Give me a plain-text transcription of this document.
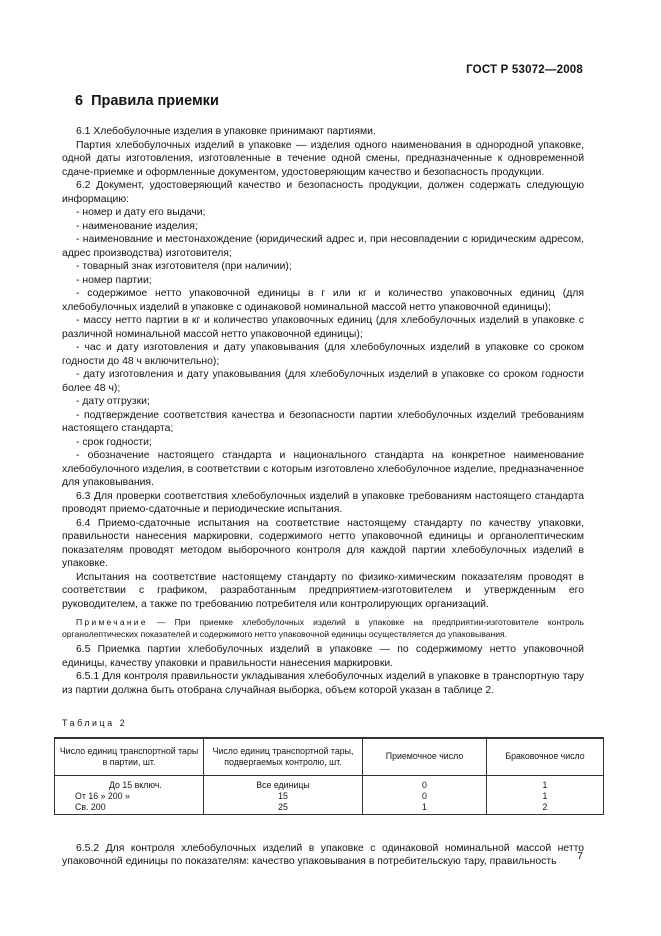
ГОСТ Р 53072—2008
6 Правила приемки

6.1 Хлебобулочные изделия в упаковке принимают партиями.

Партия хлебобулочных изделий в упаковке — изделия одного наименования в однородной упаковке, одной даты изготовления, изготовленные в течение одной смены, предназначенные к одновременной сдаче-приемке и оформленные документом, удостоверяющим качество и безопасность продукции.

6.2 Документ, удостоверяющий качество и безопасность продукции, должен содержать следующую информацию:

- номер и дату его выдачи;

- наименование изделия;

- наименование и местонахождение (юридический адрес и, при несовпадении с юридическим адресом, адрес производства) изготовителя;

- товарный знак изготовителя (при наличии);

- номер партии;

- содержимое нетто упаковочной единицы в г или кг и количество упаковочных единиц (для хлебобулочных изделий в упаковке с одинаковой номинальной массой нетто упаковочной единицы);

- массу нетто партии в кг и количество упаковочных единиц (для хлебобулочных изделий в упаковке с различной номинальной массой нетто упаковочной единицы);

- час и дату изготовления и дату упаковывания (для хлебобулочных изделий в упаковке со сроком годности до 48 ч включительно);

- дату изготовления и дату упаковывания (для хлебобулочных изделий в упаковке со сроком годности более 48 ч);

- дату отгрузки;

- подтверждение соответствия качества и безопасности партии хлебобулочных изделий требованиям настоящего стандарта;

- срок годности;

- обозначение настоящего стандарта и национального стандарта на конкретное наименование хлебобулочного изделия, в соответствии с которым изготовлено хлебобулочное изделие, предназначенное для упаковывания.

6.3 Для проверки соответствия хлебобулочных изделий в упаковке требованиям настоящего стандарта проводят приемо-сдаточные и периодические испытания.

6.4 Приемо-сдаточные испытания на соответствие настоящему стандарту по качеству упаковки, правильности нанесения маркировки, содержимого нетто упаковочной единицы и органолептическим показателям проводят методом выборочного контроля для каждой партии хлебобулочных изделий в упаковке.

Испытания на соответствие настоящему стандарту по физико-химическим показателям проводят в соответствии с графиком, разработанным предприятием-изготовителем и утвержденным его руководителем, а также по требованию потребителя или контролирующих организаций.

Примечание — При приемке хлебобулочных изделий в упаковке на предприятии-изготовителе контроль органолептических показателей и содержимого нетто упаковочной единицы осуществляется до упаковывания.

6.5 Приемка партии хлебобулочных изделий в упаковке — по содержимому нетто упаковочной единицы, качеству упаковки и правильности нанесения маркировки.

6.5.1 Для контроля правильности укладывания хлебобулочных изделий в упаковке в транспортную тару из партии должна быть отобрана случайная выборка, объем которой указан в таблице 2.

Таблица 2

Число единиц транспортной тары в партии, шт.	Число единиц транспортной тары, подвергаемых контролю, шт.	Приемочное число	Браковочное число
До 15 включ.	Все единицы	0	1
От 16 » 200 »	15	0	1
Св. 200	25	1	2

6.5.2 Для контроля хлебобулочных изделий в упаковке с одинаковой номинальной массой нетто упаковочной единицы по показателям: качество упаковывания в потребительскую тару, правильность	7
